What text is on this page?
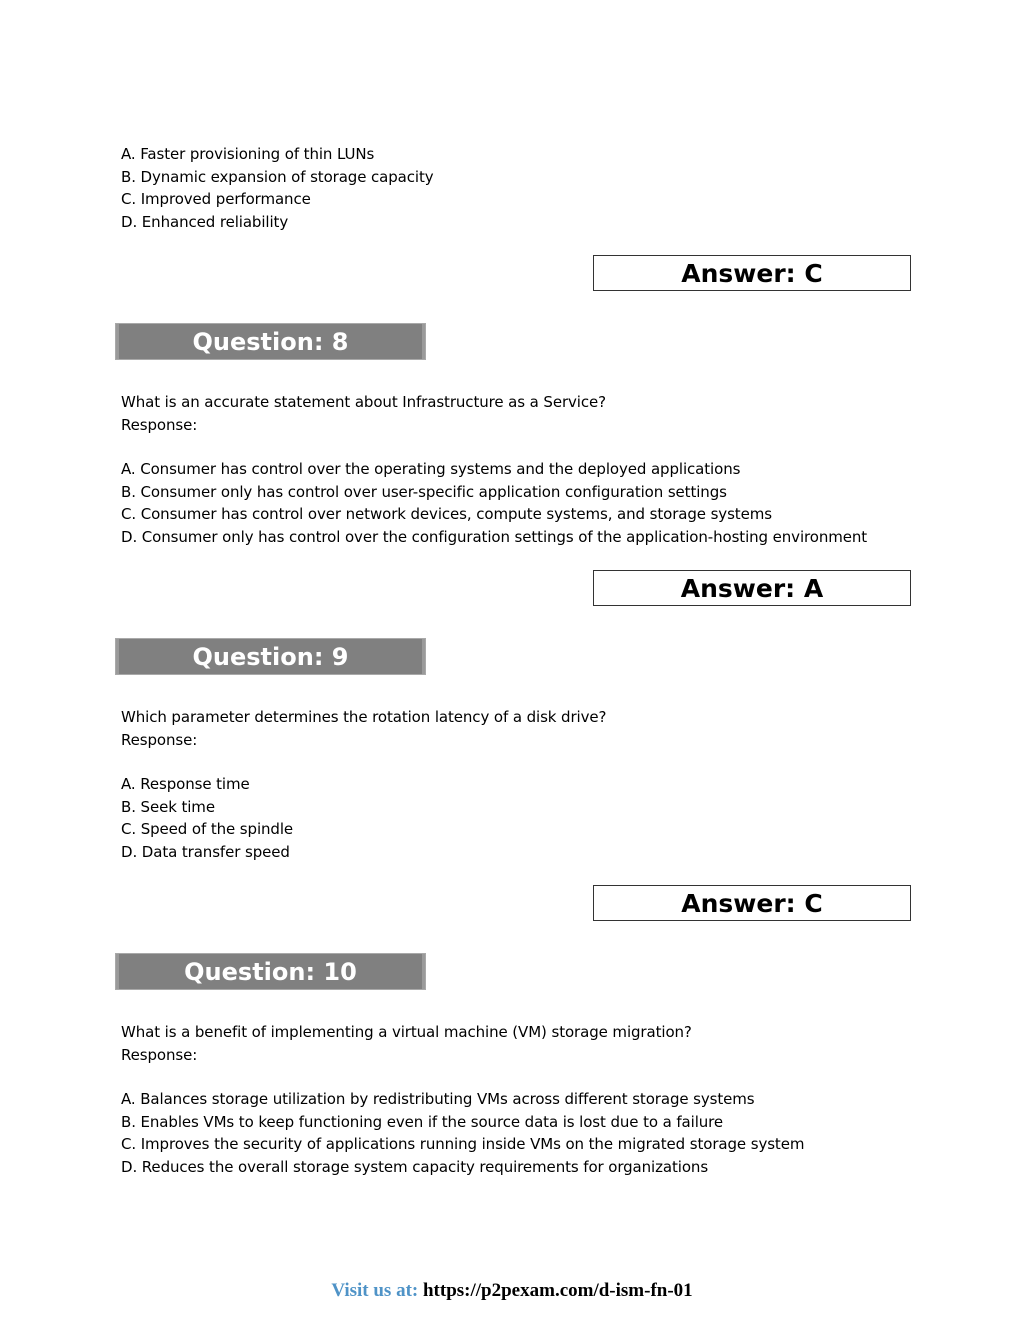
A. Faster provisioning of thin LUNs
B. Dynamic expansion of storage capacity
C. Improved performance
D. Enhanced reliability
Answer: C
Question: 8
What is an accurate statement about Infrastructure as a Service?
Response:
A. Consumer has control over the operating systems and the deployed applications
B. Consumer only has control over user-specific application configuration settings
C. Consumer has control over network devices, compute systems, and storage systems
D. Consumer only has control over the configuration settings of the application-hosting environment
Answer: A
Question: 9
Which parameter determines the rotation latency of a disk drive?
Response:
A. Response time
B. Seek time
C. Speed of the spindle
D. Data transfer speed
Answer: C
Question: 10
What is a benefit of implementing a virtual machine (VM) storage migration?
Response:
A. Balances storage utilization by redistributing VMs across different storage systems
B. Enables VMs to keep functioning even if the source data is lost due to a failure
C. Improves the security of applications running inside VMs on the migrated storage system
D. Reduces the overall storage system capacity requirements for organizations
Visit us at: https://p2pexam.com/d-ism-fn-01
